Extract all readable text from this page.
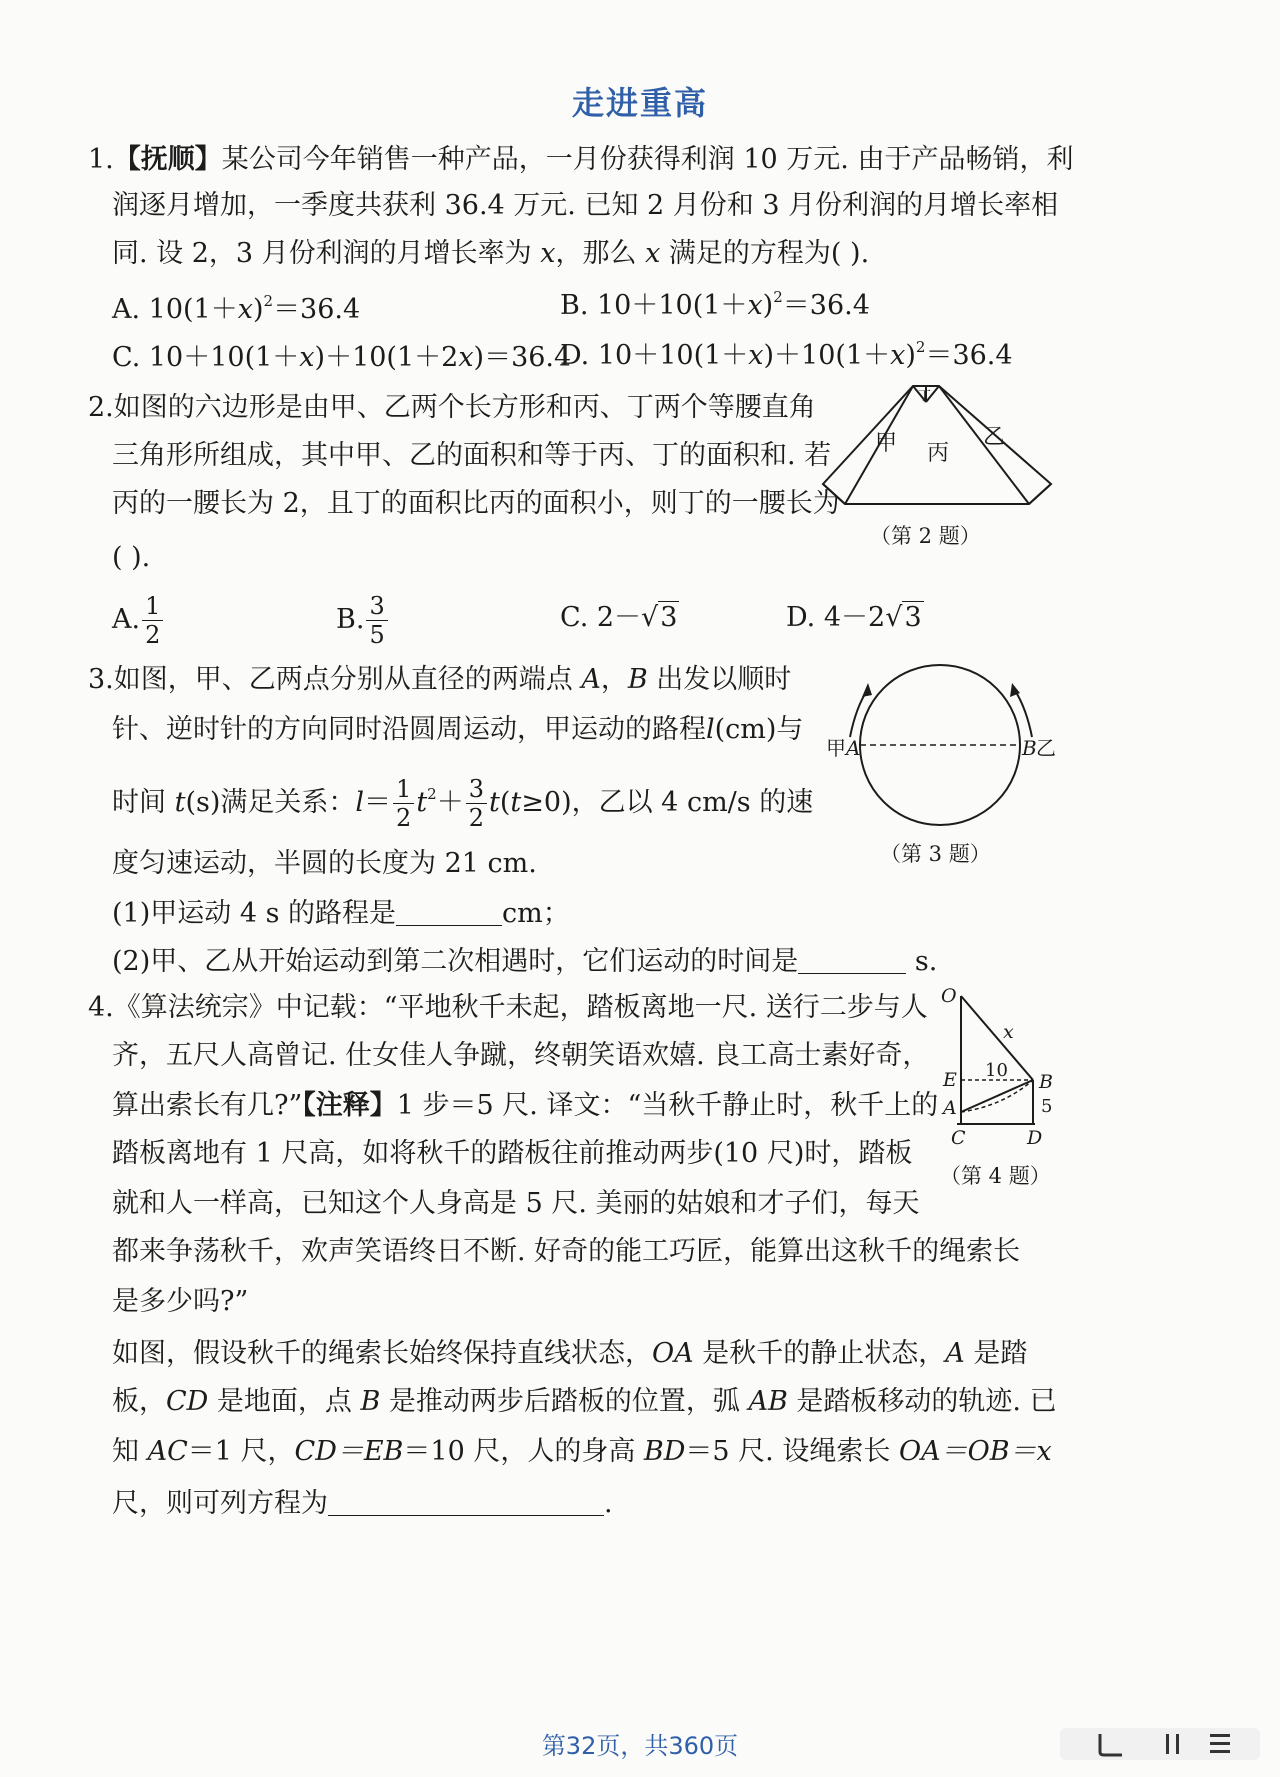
走进重高
1.【抚顺】某公司今年销售一种产品，一月份获得利润 10 万元. 由于产品畅销，利
润逐月增加，一季度共获利 36.4 万元. 已知 2 月份和 3 月份利润的月增长率相
同. 设 2，3 月份利润的月增长率为 x，那么 x 满足的方程为( ).
A. $10(1+x)^2=36.4$	B. $10+10(1+x)^2=36.4$
C. 10＋10(1＋x)＋10(1＋2x)＝36.4
D. $10+10(1+x)+10(1+x)^2=36.4$
2.如图的六边形是由甲、乙两个长方形和丙、丁两个等腰直角
三角形所组成，其中甲、乙的面积和等于丙、丁的面积和. 若
丙的一腰长为 2，且丁的面积比丙的面积小，则丁的一腰长为
( ).
A. $\frac{1}{2}$	B. $\frac{3}{5}$	C. 2－√3	D. 4－2√3
甲 丙
乙
丁
（第 2 题）
3.如图，甲、乙两点分别从直径的两端点 A，B 出发以顺时
针、逆时针的方向同时沿圆周运动，甲运动的路程l(cm)与
时间 t(s)满足关系：$l= \frac{1}{2} t^2+ \frac{3}{2} t(t\ge 0)$，乙以 4 cm/s 的速
度匀速运动，半圆的长度为 21 cm.
(1)甲运动 4 s 的路程是	cm；
(2)甲、乙从开始运动到第二次相遇时，它们运动的时间是	s.
甲 A	B 乙
（第 3 题）
4.《算法统宗》中记载：“平地秋千未起，踏板离地一尺. 送行二步与人
齐，五尺人高曾记. 仕女佳人争蹴，终朝笑语欢嬉. 良工高士素好奇，
算出索长有几?”【注释】1 步＝5 尺. 译文：“当秋千静止时，秋千上的
踏板离地有 1 尺高，如将秋千的踏板往前推动两步(10 尺)时，踏板
就和人一样高，已知这个人身高是 5 尺. 美丽的姑娘和才子们，每天
都来争荡秋千，欢声笑语终日不断. 好奇的能工巧匠，能算出这秋千的绳索长
是多少吗?”
如图，假设秋千的绳索长始终保持直线状态，OA 是秋千的静止状态，A 是踏
板，CD 是地面，点 B 是推动两步后踏板的位置，弧 AB 是踏板移动的轨迹. 已
知 AC＝1 尺，CD＝EB＝10 尺，人的身高 BD＝5 尺. 设绳索长 OA＝OB＝x
尺，则可列方程为	.
O
x
10
E	B
A	5
C	D
（第 4 题）
第32页，共360页
